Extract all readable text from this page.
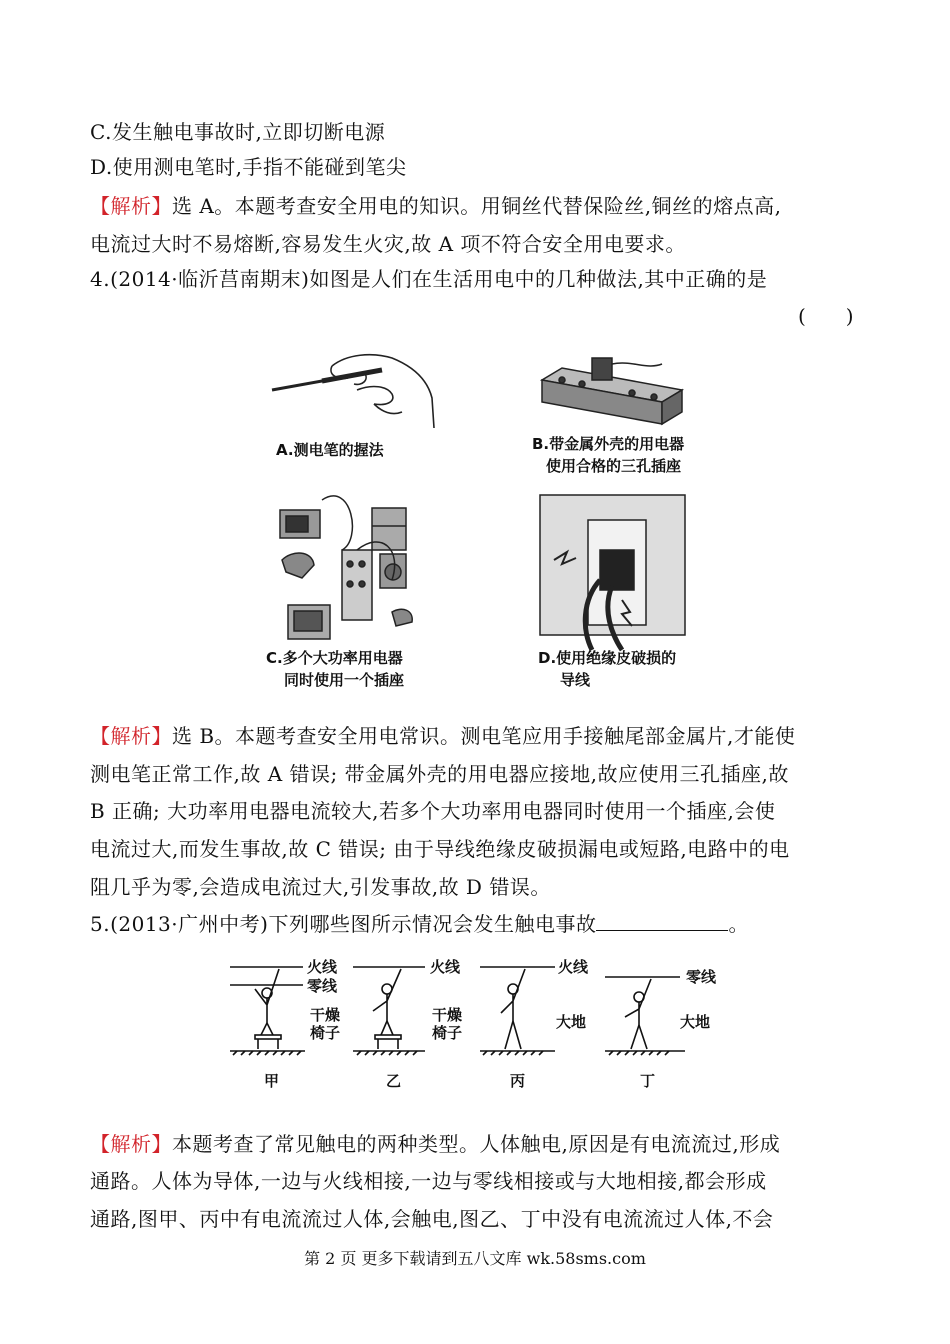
C.发生触电事故时,立即切断电源
D.使用测电笔时,手指不能碰到笔尖
【解析】选 A。本题考查安全用电的知识。用铜丝代替保险丝,铜丝的熔点高,
电流过大时不易熔断,容易发生火灾,故 A 项不符合安全用电要求。
4.(2014·临沂莒南期末)如图是人们在生活用电中的几种做法,其中正确的是
(　　)
A.测电笔的握法	B.带金属外壳的用电器
使用合格的三孔插座
C.多个大功率用电器
同时使用一个插座
D.使用绝缘皮破损的
导线
【解析】选 B。本题考查安全用电常识。测电笔应用手接触尾部金属片,才能使
测电笔正常工作,故 A 错误; 带金属外壳的用电器应接地,故应使用三孔插座,故
B 正确; 大功率用电器电流较大,若多个大功率用电器同时使用一个插座,会使
电流过大,而发生事故,故 C 错误; 由于导线绝缘皮破损漏电或短路,电路中的电
阻几乎为零,会造成电流过大,引发事故,故 D 错误。
5.(2013·广州中考)下列哪些图所示情况会发生触电事故	。
火线
零线
干燥
椅子
火线
干燥
椅子
火线
大地
零线
大地
甲	乙	丙	丁
【解析】本题考查了常见触电的两种类型。人体触电,原因是有电流流过,形成
通路。人体为导体,一边与火线相接,一边与零线相接或与大地相接,都会形成
通路,图甲、丙中有电流流过人体,会触电,图乙、丁中没有电流流过人体,不会
第 2 页 更多下载请到五八文库 wk.58sms.com
